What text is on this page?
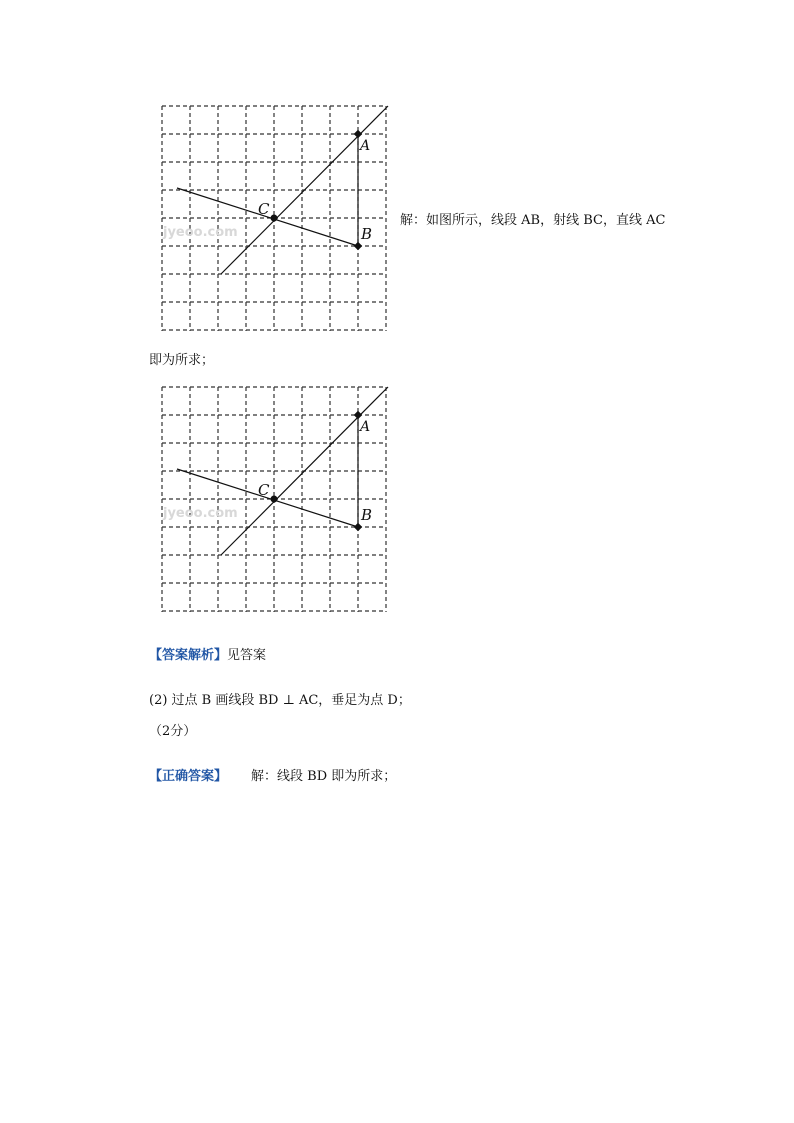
jyeoo.com
A
B
C
解：如图所示，线段 AB，射线 BC，直线 AC
即为所求；
jyeoo.com
A
B
C
【答案解析】见答案
(2) 过点 B 画线段 BD ⊥ AC，垂足为点 D；
（2分）
【正确答案】 解：线段 BD 即为所求；
